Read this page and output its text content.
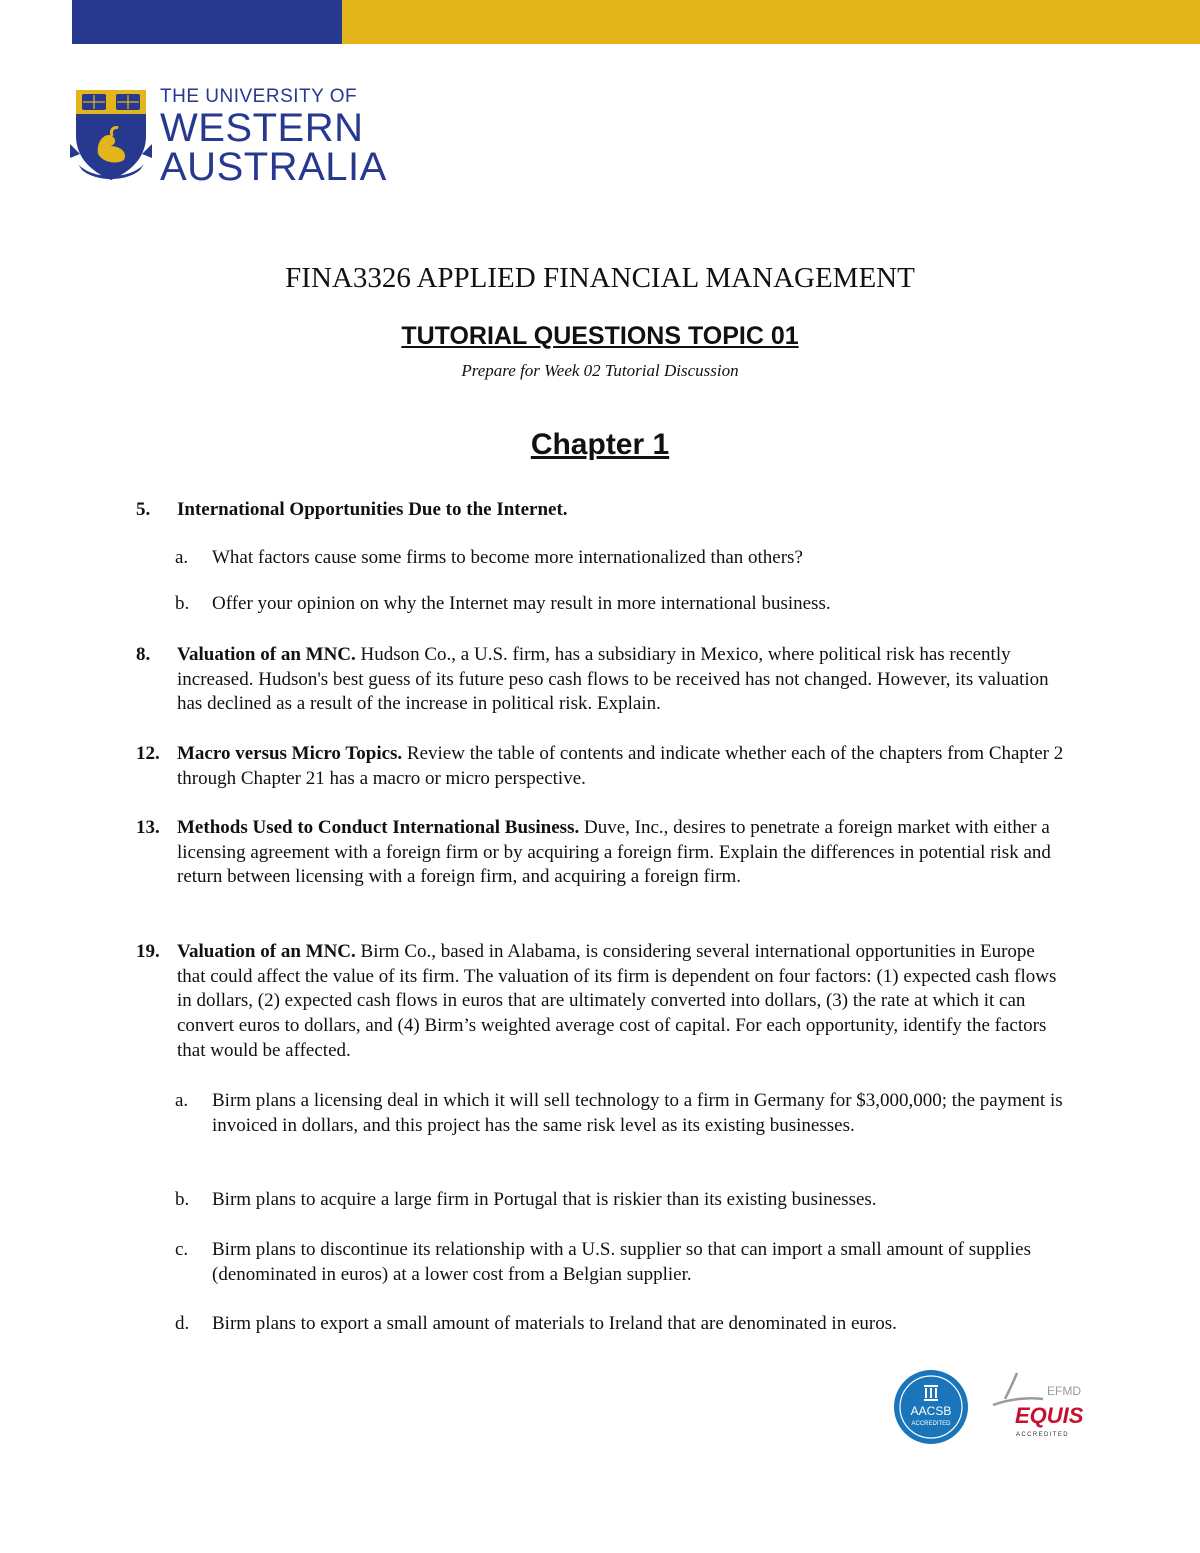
THE UNIVERSITY OF
WESTERN
AUSTRALIA
FINA3326 APPLIED FINANCIAL MANAGEMENT
TUTORIAL QUESTIONS TOPIC 01
Prepare for Week 02 Tutorial Discussion
Chapter 1
5. International Opportunities Due to the Internet.
a. What factors cause some firms to become more internationalized than others?
b. Offer your opinion on why the Internet may result in more international business.
8. Valuation of an MNC. Hudson Co., a U.S. firm, has a subsidiary in Mexico, where political risk has recently increased. Hudson's best guess of its future peso cash flows to be received has not changed. However, its valuation has declined as a result of the increase in political risk. Explain.
12. Macro versus Micro Topics. Review the table of contents and indicate whether each of the chapters from Chapter 2 through Chapter 21 has a macro or micro perspective.
13. Methods Used to Conduct International Business. Duve, Inc., desires to penetrate a foreign market with either a licensing agreement with a foreign firm or by acquiring a foreign firm. Explain the differences in potential risk and return between licensing with a foreign firm, and acquiring a foreign firm.
19. Valuation of an MNC. Birm Co., based in Alabama, is considering several international opportunities in Europe that could affect the value of its firm. The valuation of its firm is dependent on four factors: (1) expected cash flows in dollars, (2) expected cash flows in euros that are ultimately converted into dollars, (3) the rate at which it can convert euros to dollars, and (4) Birm’s weighted average cost of capital. For each opportunity, identify the factors that would be affected.
a. Birm plans a licensing deal in which it will sell technology to a firm in Germany for $3,000,000; the payment is invoiced in dollars, and this project has the same risk level as its existing businesses.
b. Birm plans to acquire a large firm in Portugal that is riskier than its existing businesses.
c. Birm plans to discontinue its relationship with a U.S. supplier so that can import a small amount of supplies (denominated in euros) at a lower cost from a Belgian supplier.
d. Birm plans to export a small amount of materials to Ireland that are denominated in euros.
AACSB
ACCREDITED
EFMD
EQUIS
ACCREDITED
